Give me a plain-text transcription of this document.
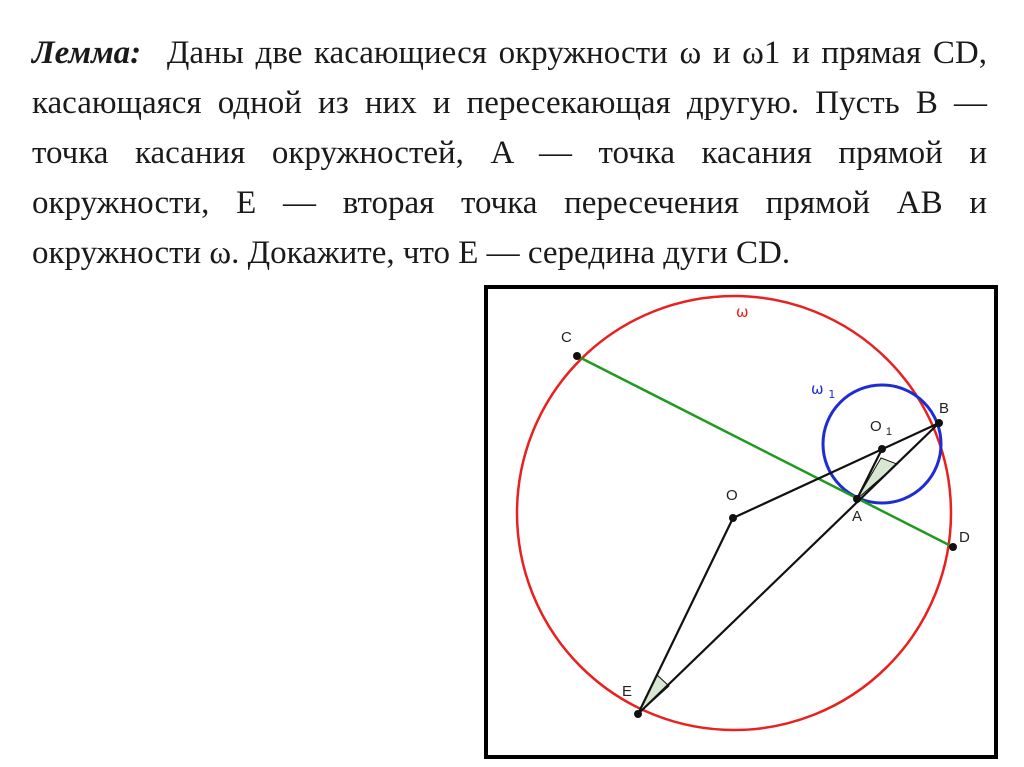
Лемма: Даны две касающиеся окружности ω и ω1 и прямая CD, касающаяся одной из них и пересекающая другую. Пусть B — точка касания окружностей, A — точка касания прямой и окружности, E — вторая точка пересечения прямой AB и окружности ω. Докажите, что E — середина дуги CD.
ω
ω $_1$
C
B
O $_1$
O
A
D
E
